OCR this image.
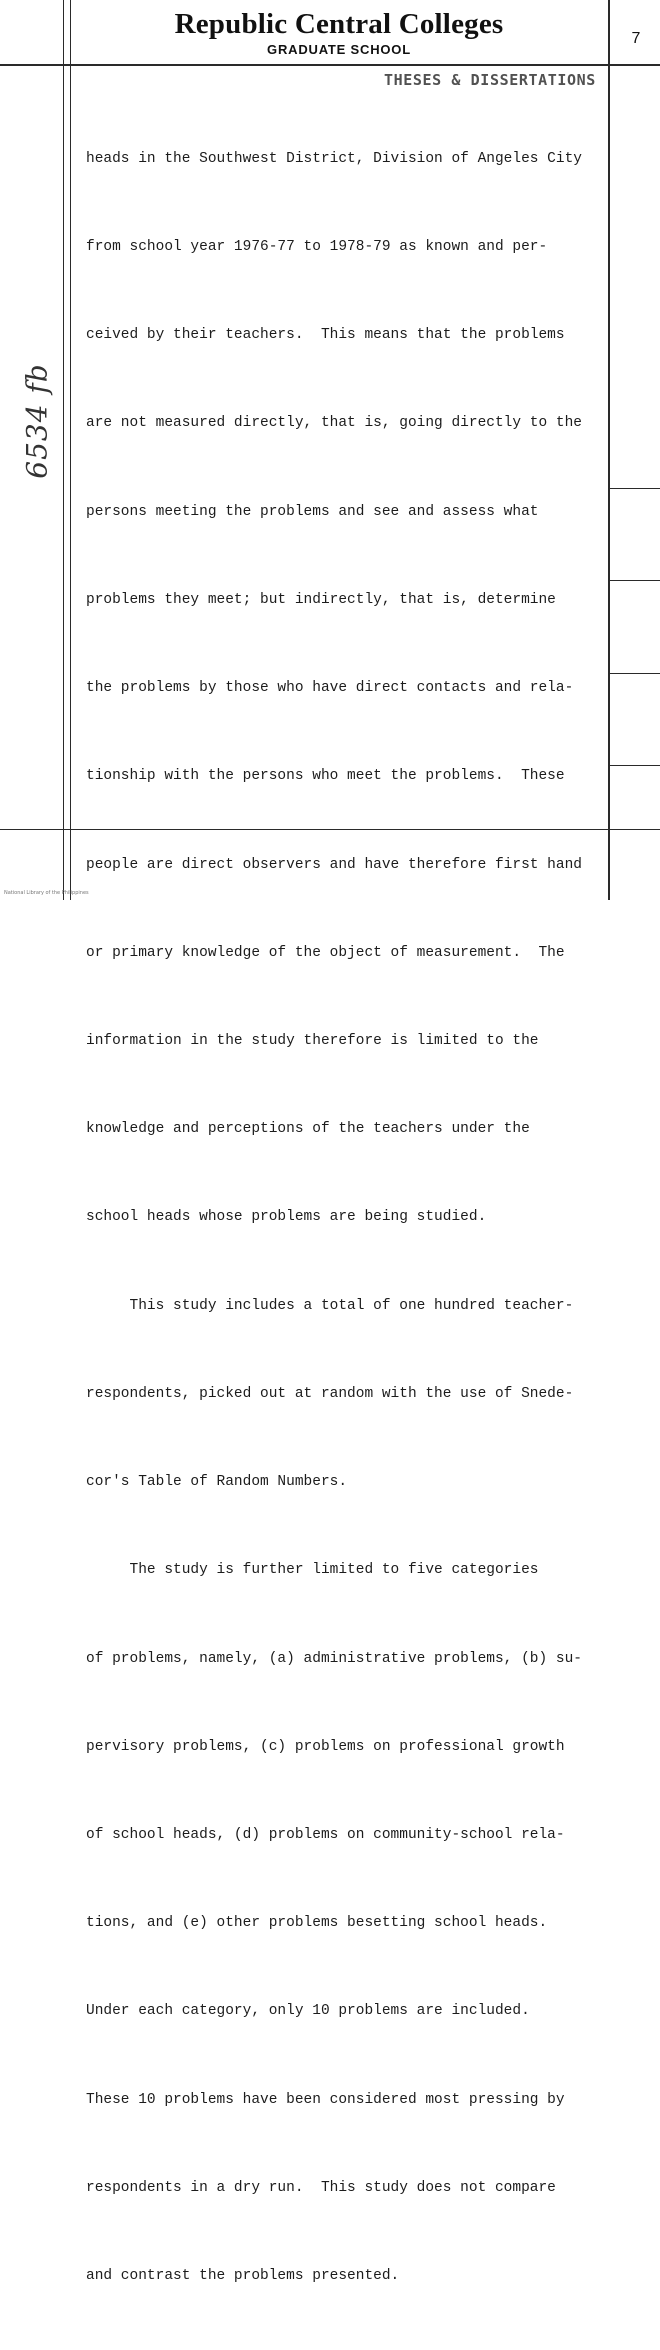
Republic Central Colleges
GRADUATE SCHOOL
7
THESES & DISSERTATIONS
6534 fb

heads in the Southwest District, Division of Angeles City

from school year 1976-77 to 1978-79 as known and per-

ceived by their teachers.  This means that the problems

are not measured directly, that is, going directly to the

persons meeting the problems and see and assess what

problems they meet; but indirectly, that is, determine

the problems by those who have direct contacts and rela-

tionship with the persons who meet the problems.  These

people are direct observers and have therefore first hand

or primary knowledge of the object of measurement.  The

information in the study therefore is limited to the

knowledge and perceptions of the teachers under the

school heads whose problems are being studied.

This study includes a total of one hundred teacher-

respondents, picked out at random with the use of Snede-

cor's Table of Random Numbers.

The study is further limited to five categories

of problems, namely, (a) administrative problems, (b) su-

pervisory problems, (c) problems on professional growth

of school heads, (d) problems on community-school rela-

tions, and (e) other problems besetting school heads.

Under each category, only 10 problems are included.

These 10 problems have been considered most pressing by

respondents in a dry run.  This study does not compare

and contrast the problems presented.

National Library of the Philippines
